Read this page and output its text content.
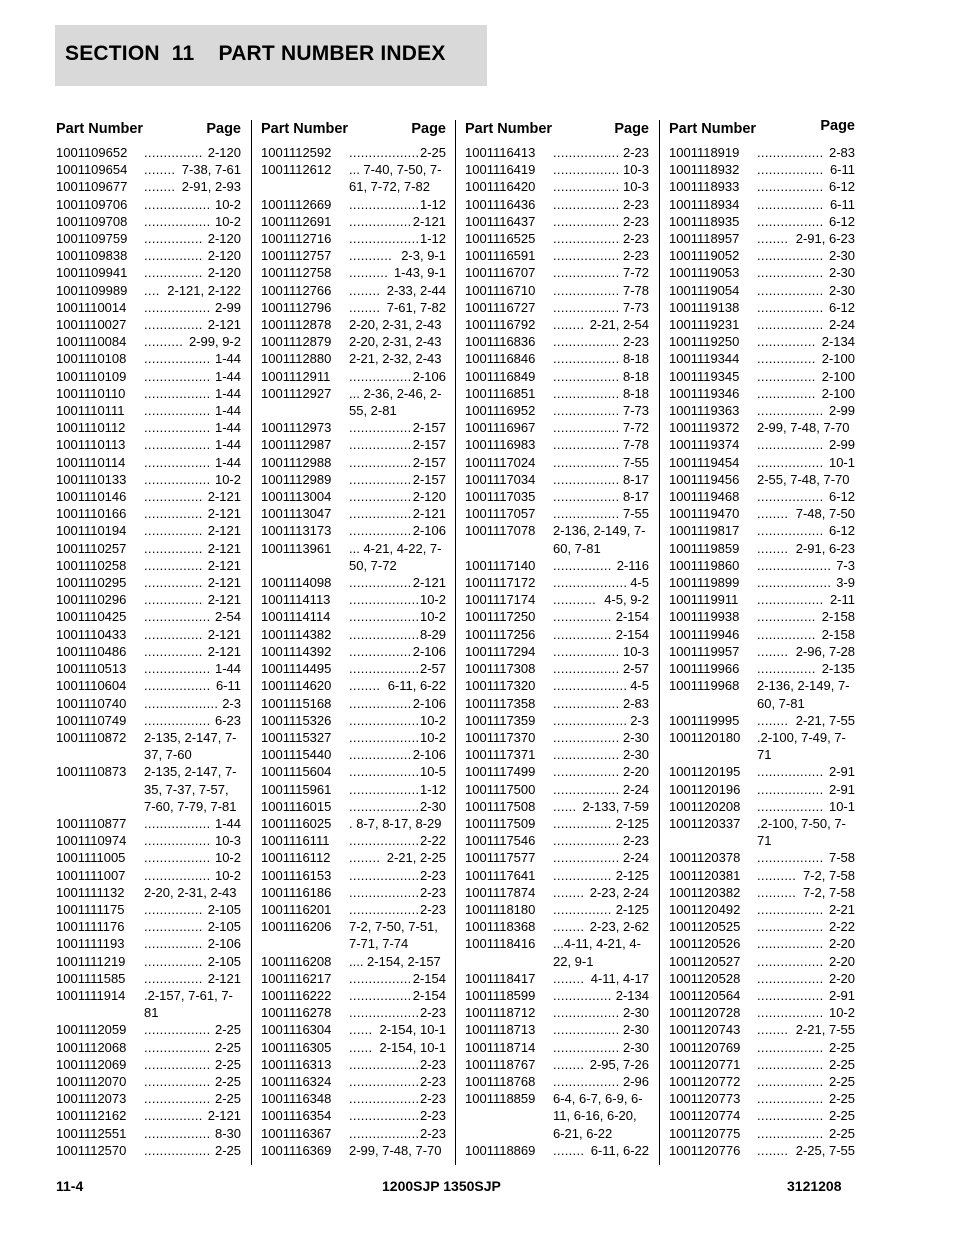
SECTION  11    PART NUMBER INDEX
Part Number	Page
1001109652	............... 2-120
1001109654	........ 7-38, 7-61
1001109677	........ 2-91, 2-93
1001109706	................. 10-2
1001109708	................. 10-2
1001109759	............... 2-120
1001109838	............... 2-120
1001109941	............... 2-120
1001109989	.... 2-121, 2-122
1001110014	................. 2-99
1001110027	............... 2-121
1001110084	.......... 2-99, 9-2
1001110108	................. 1-44
1001110109	................. 1-44
1001110110	................. 1-44
1001110111	................. 1-44
1001110112	................. 1-44
1001110113	................. 1-44
1001110114	................. 1-44
1001110133	................. 10-2
1001110146	............... 2-121
1001110166	............... 2-121
1001110194	............... 2-121
1001110257	............... 2-121
1001110258	............... 2-121
1001110295	............... 2-121
1001110296	............... 2-121
1001110425	................. 2-54
1001110433	............... 2-121
1001110486	............... 2-121
1001110513	................. 1-44
1001110604	................. 6-11
1001110740	................... 2-3
1001110749	................. 6-23
1001110872	2-135, 2-147, 7-37, 7-60
1001110873	2-135, 2-147, 7-35, 7-37, 7-57, 7-60, 7-79, 7-81
1001110877	................. 1-44
1001110974	................. 10-3
1001111005	................. 10-2
1001111007	................. 10-2
1001111132	2-20, 2-31, 2-43
1001111175	............... 2-105
1001111176	............... 2-105
1001111193	............... 2-106
1001111219	............... 2-105
1001111585	............... 2-121
1001111914	.2-157, 7-61, 7-81
1001112059	................. 2-25
1001112068	................. 2-25
1001112069	................. 2-25
1001112070	................. 2-25
1001112073	................. 2-25
1001112162	............... 2-121
1001112551	................. 8-30
1001112570	................. 2-25
Part Number	Page
1001112592	.................. 2-25
1001112612	... 7-40, 7-50, 7-61, 7-72, 7-82
1001112669	.................. 1-12
1001112691	................ 2-121
1001112716	.................. 1-12
1001112757	........... 2-3, 9-1
1001112758	.......... 1-43, 9-1
1001112766	........ 2-33, 2-44
1001112796	........ 7-61, 7-82
1001112878	2-20, 2-31, 2-43
1001112879	2-20, 2-31, 2-43
1001112880	2-21, 2-32, 2-43
1001112911	................ 2-106
1001112927	... 2-36, 2-46, 2-55, 2-81
1001112973	................ 2-157
1001112987	................ 2-157
1001112988	................ 2-157
1001112989	................ 2-157
1001113004	................ 2-120
1001113047	................ 2-121
1001113173	................ 2-106
1001113961	... 4-21, 4-22, 7-50, 7-72
1001114098	................ 2-121
1001114113	.................. 10-2
1001114114	.................. 10-2
1001114382	.................. 8-29
1001114392	................ 2-106
1001114495	.................. 2-57
1001114620	........ 6-11, 6-22
1001115168	................ 2-106
1001115326	.................. 10-2
1001115327	.................. 10-2
1001115440	................ 2-106
1001115604	.................. 10-5
1001115961	.................. 1-12
1001116015	.................. 2-30
1001116025	. 8-7, 8-17, 8-29
1001116111	.................. 2-22
1001116112	........ 2-21, 2-25
1001116153	.................. 2-23
1001116186	.................. 2-23
1001116201	.................. 2-23
1001116206	7-2, 7-50, 7-51, 7-71, 7-74
1001116208	.... 2-154, 2-157
1001116217	................ 2-154
1001116222	................ 2-154
1001116278	.................. 2-23
1001116304	...... 2-154, 10-1
1001116305	...... 2-154, 10-1
1001116313	.................. 2-23
1001116324	.................. 2-23
1001116348	.................. 2-23
1001116354	.................. 2-23
1001116367	.................. 2-23
1001116369	2-99, 7-48, 7-70
Part Number	Page
1001116413	................. 2-23
1001116419	................. 10-3
1001116420	................. 10-3
1001116436	................. 2-23
1001116437	................. 2-23
1001116525	................. 2-23
1001116591	................. 2-23
1001116707	................. 7-72
1001116710	................. 7-78
1001116727	................. 7-73
1001116792	........ 2-21, 2-54
1001116836	................. 2-23
1001116846	................. 8-18
1001116849	................. 8-18
1001116851	................. 8-18
1001116952	................. 7-73
1001116967	................. 7-72
1001116983	................. 7-78
1001117024	................. 7-55
1001117034	................. 8-17
1001117035	................. 8-17
1001117057	................. 7-55
1001117078	2-136, 2-149, 7-60, 7-81
1001117140	............... 2-116
1001117172	................... 4-5
1001117174	........... 4-5, 9-2
1001117250	............... 2-154
1001117256	............... 2-154
1001117294	................. 10-3
1001117308	................. 2-57
1001117320	................... 4-5
1001117358	................. 2-83
1001117359	................... 2-3
1001117370	................. 2-30
1001117371	................. 2-30
1001117499	................. 2-20
1001117500	................. 2-24
1001117508	...... 2-133, 7-59
1001117509	............... 2-125
1001117546	................. 2-23
1001117577	................. 2-24
1001117641	............... 2-125
1001117874	........ 2-23, 2-24
1001118180	............... 2-125
1001118368	........ 2-23, 2-62
1001118416	...4-11, 4-21, 4-22, 9-1
1001118417	........ 4-11, 4-17
1001118599	............... 2-134
1001118712	................. 2-30
1001118713	................. 2-30
1001118714	................. 2-30
1001118767	........ 2-95, 7-26
1001118768	................. 2-96
1001118859	6-4, 6-7, 6-9, 6-11, 6-16, 6-20, 6-21, 6-22
1001118869	........ 6-11, 6-22
Part Number	Page
1001118919	................. 2-83
1001118932	................. 6-11
1001118933	................. 6-12
1001118934	................. 6-11
1001118935	................. 6-12
1001118957	........ 2-91, 6-23
1001119052	................. 2-30
1001119053	................. 2-30
1001119054	................. 2-30
1001119138	................. 6-12
1001119231	................. 2-24
1001119250	............... 2-134
1001119344	............... 2-100
1001119345	............... 2-100
1001119346	............... 2-100
1001119363	................. 2-99
1001119372	2-99, 7-48, 7-70
1001119374	................. 2-99
1001119454	................. 10-1
1001119456	2-55, 7-48, 7-70
1001119468	................. 6-12
1001119470	........ 7-48, 7-50
1001119817	................. 6-12
1001119859	........ 2-91, 6-23
1001119860	................... 7-3
1001119899	................... 3-9
1001119911	................. 2-11
1001119938	............... 2-158
1001119946	............... 2-158
1001119957	........ 2-96, 7-28
1001119966	............... 2-135
1001119968	2-136, 2-149, 7-60, 7-81
1001119995	........ 2-21, 7-55
1001120180	.2-100, 7-49, 7-71
1001120195	................. 2-91
1001120196	................. 2-91
1001120208	................. 10-1
1001120337	.2-100, 7-50, 7-71
1001120378	................. 7-58
1001120381	.......... 7-2, 7-58
1001120382	.......... 7-2, 7-58
1001120492	................. 2-21
1001120525	................. 2-22
1001120526	................. 2-20
1001120527	................. 2-20
1001120528	................. 2-20
1001120564	................. 2-91
1001120728	................. 10-2
1001120743	........ 2-21, 7-55
1001120769	................. 2-25
1001120771	................. 2-25
1001120772	................. 2-25
1001120773	................. 2-25
1001120774	................. 2-25
1001120775	................. 2-25
1001120776	........ 2-25, 7-55
11-4	1200SJP 1350SJP	3121208
